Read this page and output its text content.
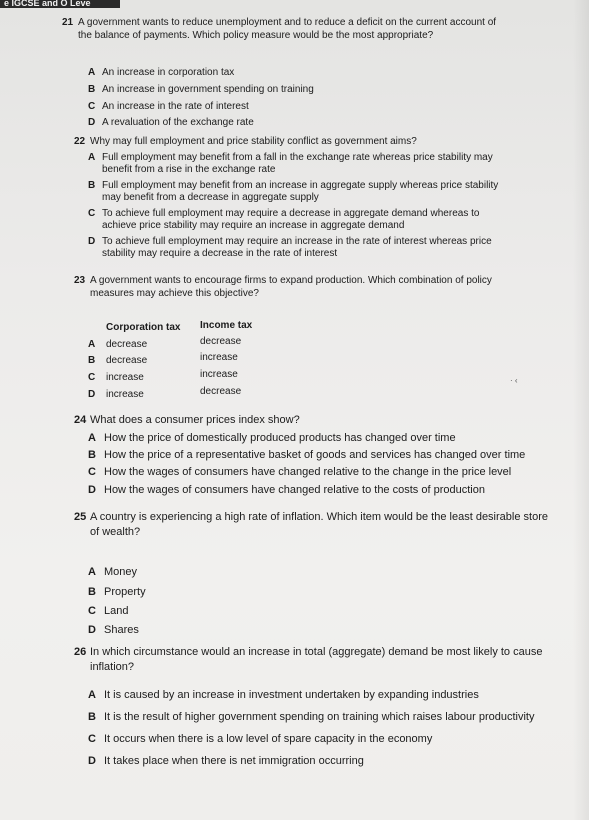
e IGCSE and O Leve
21 A government wants to reduce unemployment and to reduce a deficit on the current account of
the balance of payments. Which policy measure would be the most appropriate?
A An increase in corporation tax
B An increase in government spending on training
C An increase in the rate of interest
D A revaluation of the exchange rate
22 Why may full employment and price stability conflict as government aims?
A Full employment may benefit from a fall in the exchange rate whereas price stability may
benefit from a rise in the exchange rate
B Full employment may benefit from an increase in aggregate supply whereas price stability
may benefit from a decrease in aggregate supply
C To achieve full employment may require a decrease in aggregate demand whereas to
achieve price stability may require an increase in aggregate demand
D To achieve full employment may require an increase in the rate of interest whereas price
stability may require a decrease in the rate of interest
23 A government wants to encourage firms to expand production. Which combination of policy
measures may achieve this objective?
Corporation tax Income tax
A decrease	decrease
B decrease	increase
C increase	increase
D increase	decrease
· ‹
24 What does a consumer prices index show?
A How the price of domestically produced products has changed over time
B How the price of a representative basket of goods and services has changed over time
C How the wages of consumers have changed relative to the change in the price level
D How the wages of consumers have changed relative to the costs of production
25 A country is experiencing a high rate of inflation. Which item would be the least desirable store
of wealth?
A Money
B Property
C Land
D Shares
26 In which circumstance would an increase in total (aggregate) demand be most likely to cause
inflation?
A It is caused by an increase in investment undertaken by expanding industries
B It is the result of higher government spending on training which raises labour productivity
C It occurs when there is a low level of spare capacity in the economy
D It takes place when there is net immigration occurring
